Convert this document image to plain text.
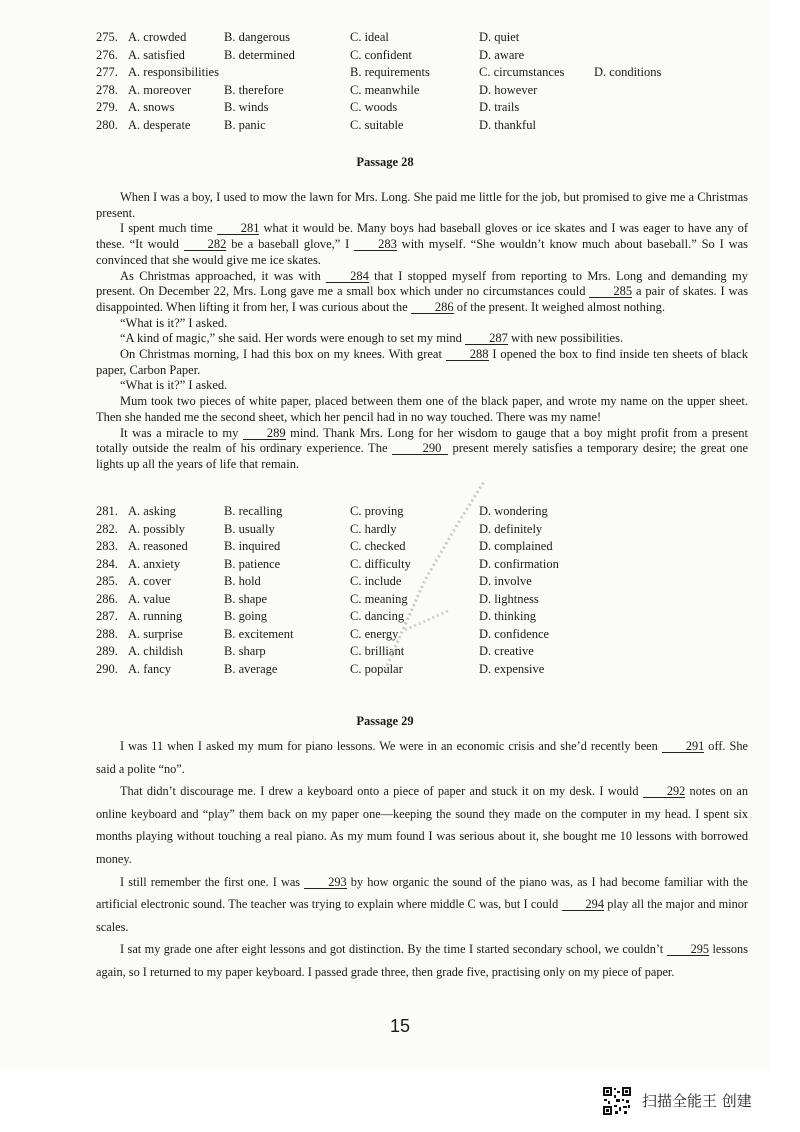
275. A. crowded	B. dangerous	C. ideal	D. quiet
276. A. satisfied	B. determined	C. confident	D. aware
277. A. responsibilities	B. requirements	C. circumstances D. conditions
278. A. moreover	B. therefore	C. meanwhile	D. however
279. A. snows	B. winds	C. woods	D. trails
280. A. desperate	B. panic	C. suitable	D. thankful
Passage 28

When I was a boy, I used to mow the lawn for Mrs. Long. She paid me little for the job, but promised to give me a Christmas present.

I spent much time 281 what it would be. Many boys had baseball gloves or ice skates and I was eager to have any of these. “It would 282 be a baseball glove,” I 283 with myself. “She wouldn’t know much about baseball.” So I was convinced that she would give me ice skates.

As Christmas approached, it was with 284 that I stopped myself from reporting to Mrs. Long and demanding my present. On December 22, Mrs. Long gave me a small box which under no circumstances could 285 a pair of skates. I was disappointed. When lifting it from her, I was curious about the 286 of the present. It weighed almost nothing.

“What is it?” I asked.

“A kind of magic,” she said. Her words were enough to set my mind 287 with new possibilities.

On Christmas morning, I had this box on my knees. With great 288 I opened the box to find inside ten sheets of black paper, Carbon Paper.

“What is it?” I asked.

Mum took two pieces of white paper, placed between them one of the black paper, and wrote my name on the upper sheet. Then she handed me the second sheet, which her pencil had in no way touched. There was my name!

It was a miracle to my 289 mind. Thank Mrs. Long for her wisdom to gauge that a boy might profit from a present totally outside the realm of his ordinary experience. The 290 present merely satisfies a temporary desire; the great one lights up all the years of life that remain.

281. A. asking	B. recalling	C. proving	D. wondering
282. A. possibly	B. usually	C. hardly	D. definitely
283. A. reasoned	B. inquired	C. checked	D. complained
284. A. anxiety	B. patience	C. difficulty	D. confirmation
285. A. cover	B. hold	C. include	D. involve
286. A. value	B. shape	C. meaning	D. lightness
287. A. running	B. going	C. dancing	D. thinking
288. A. surprise	B. excitement	C. energy	D. confidence
289. A. childish	B. sharp	C. brilliant	D. creative
290. A. fancy	B. average	C. popular	D. expensive
Passage 29

I was 11 when I asked my mum for piano lessons. We were in an economic crisis and she’d recently been 291 off. She said a polite “no”.

That didn’t discourage me. I drew a keyboard onto a piece of paper and stuck it on my desk. I would 292 notes on an online keyboard and “play” them back on my paper one—keeping the sound they made on the computer in my head. I spent six months playing without touching a real piano. As my mum found I was serious about it, she bought me 10 lessons with borrowed money.

I still remember the first one. I was 293 by how organic the sound of the piano was, as I had become familiar with the artificial electronic sound. The teacher was trying to explain where middle C was, but I could 294 play all the major and minor scales.

I sat my grade one after eight lessons and got distinction. By the time I started secondary school, we couldn’t 295 lessons again, so I returned to my paper keyboard. I passed grade three, then grade five, practising only on my piece of paper.

15
扫描全能王 创建
